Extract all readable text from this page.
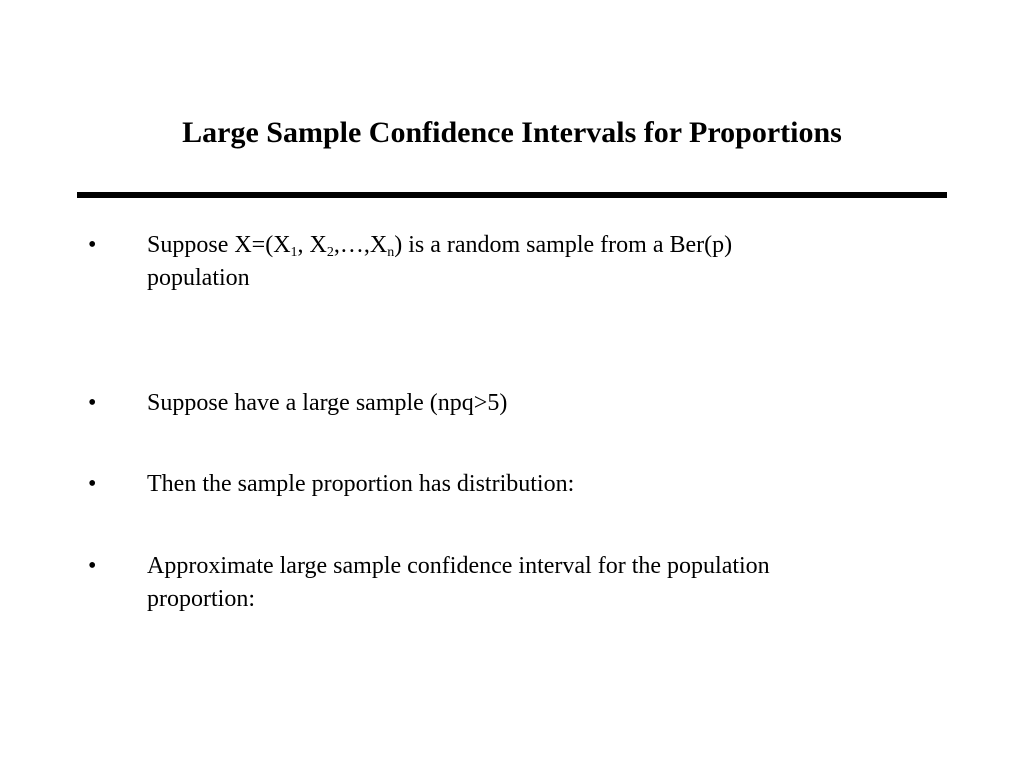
Large Sample Confidence Intervals for Proportions
• Suppose $X=(X_1$, $X_2,\dots,X_n$) is a random sample from a Ber(p)
population
• Suppose have a large sample (npq>5)
• Then the sample proportion has distribution:
• Approximate large sample confidence interval for the population
proportion:
